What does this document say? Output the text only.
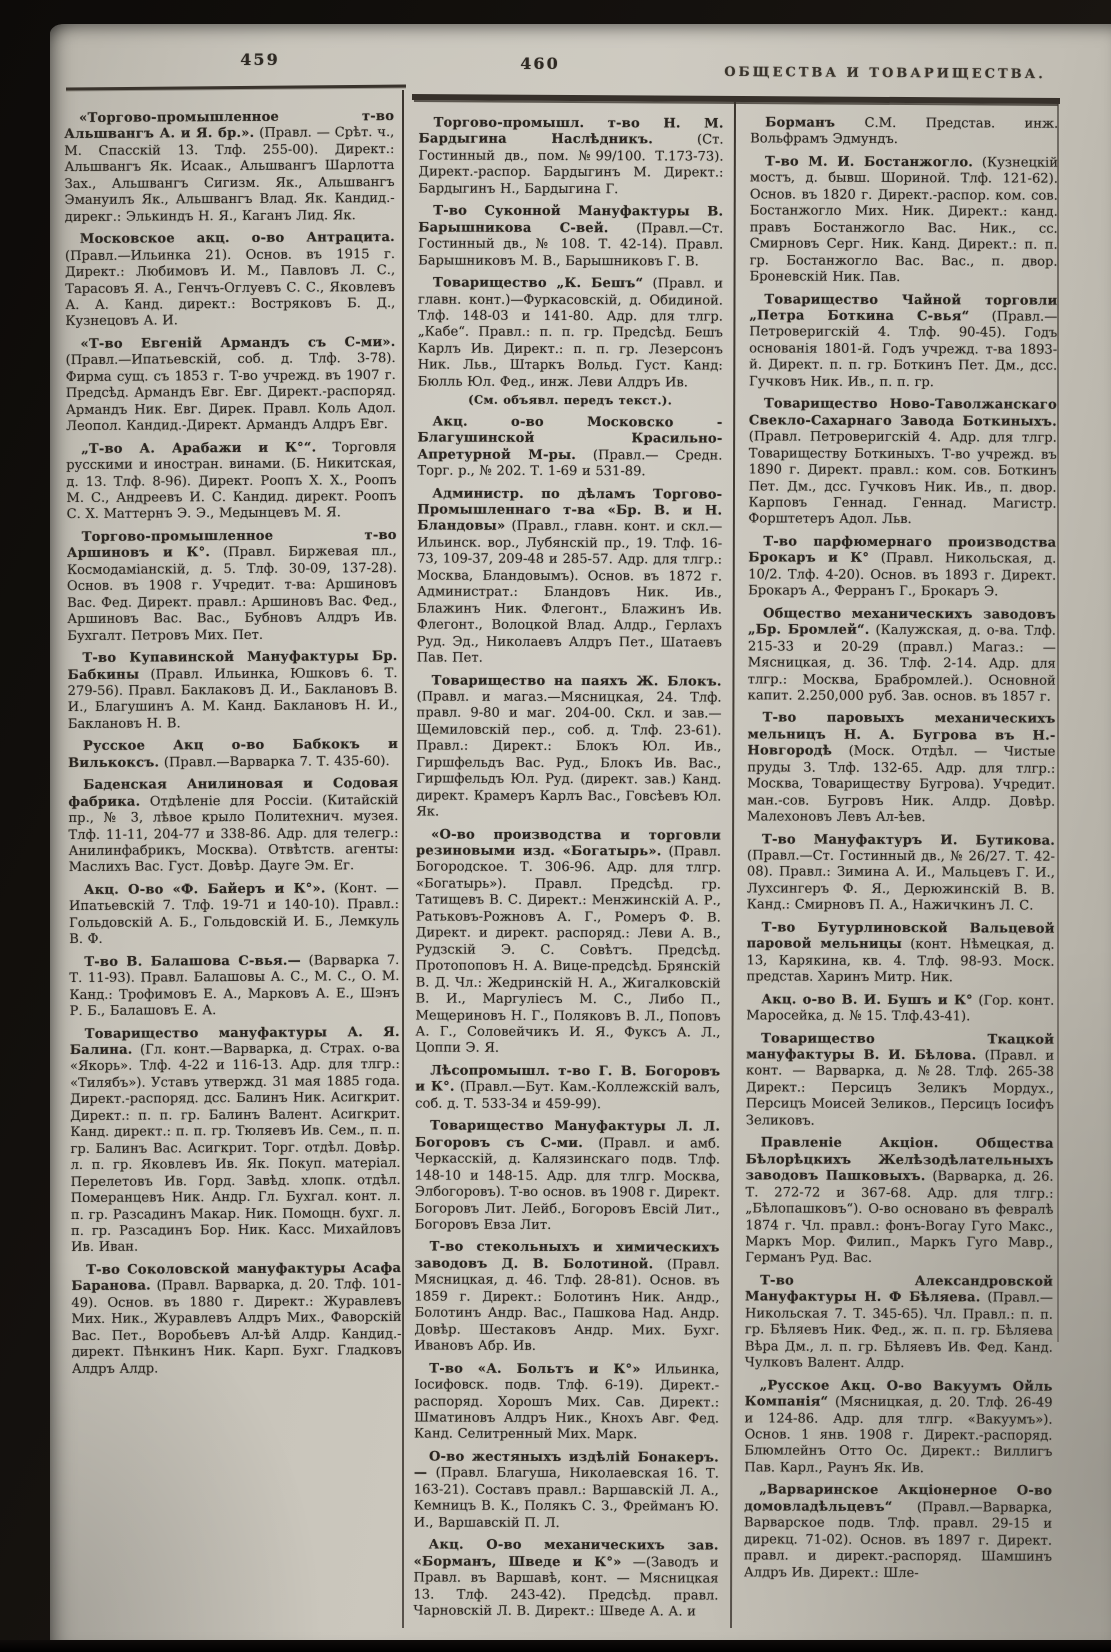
459	460
ОБЩЕСТВА И ТОВАРИЩЕСТВА.

«Торгово-промышленное т-во Альшвангъ А. и Я. бр.». (Правл. — Срѣт. ч., М. Спасскій 13. Тлф. 255-00). Директ.: Альшвангъ Як. Исаак., Альшвангъ Шарлотта Зах., Альшвангъ Сигизм. Як., Альшвангъ Эмануилъ Як., Альшвангъ Влад. Як. Кандид.-дирекг.: Элькиндъ Н. Я., Каганъ Лид. Як.

Московское акц. о-во Антрацита. (Правл.—Ильинка 21). Основ. въ 1915 г. Директ.: Любимовъ И. М., Павловъ Л. С., Тарасовъ Я. А., Генчъ-Оглуевъ С. С., Яковлевъ А. А. Канд. директ.: Востряковъ Б. Д., Кузнецовъ А. И.

«Т-во Евгеній Армандъ съ С-ми». (Правл.—Ипатьевскій, соб. д. Тлф. 3-78). Фирма сущ. съ 1853 г. Т-во учрежд. въ 1907 г. Предсѣд. Армандъ Евг. Евг. Директ.-распоряд. Армандъ Ник. Евг. Дирек. Правл. Коль Адол. Леопол. Кандид.-Директ. Армандъ Алдръ Евг.

„Т-во А. Арабажи и К°“. Торговля русскими и иностран. винами. (Б. Никитская, д. 13. Тлф. 8-96). Директ. Роопъ Х. Х., Роопъ М. С., Андреевъ И. С. Кандид. директ. Роопъ С. Х. Маттернъ Э. Э., Медынцевъ М. Я.

Торгово-промышленное т-во Аршиновъ и К°. (Правл. Биржевая пл., Космодаміанскій, д. 5. Тлф. 30-09, 137-28). Основ. въ 1908 г. Учредит. т-ва: Аршиновъ Вас. Фед. Директ. правл.: Аршиновъ Вас. Фед., Аршиновъ Вас. Вас., Бубновъ Алдръ Ив. Бухгалт. Петровъ Мих. Пет.

Т-во Купавинской Мануфактуры Бр. Бабкины (Правл. Ильинка, Юшковъ 6. Т. 279-56). Правл. Баклаковъ Д. И., Баклановъ В. И., Благушинъ А. М. Канд. Баклановъ Н. И., Баклановъ Н. В.

Русское Акц о-во Бабкокъ и Вилькоксъ. (Правл.—Варварка 7. Т. 435-60).

Баденская Анилиновая и Содовая фабрика. Отдѣленіе для Россіи. (Китайскій пр., № 3, лѣвое крыло Политехнич. музея. Тлф. 11-11, 204-77 и 338-86. Адр. для телегр.: Анилинфабрикъ, Москва). Отвѣтств. агенты: Маслихъ Вас. Густ. Довѣр. Дауге Эм. Ег.

Акц. О-во «Ф. Байеръ и К°». (Конт. —Ипатьевскій 7. Тлф. 19-71 и 140-10). Правл.: Гольдовскій А. Б., Гольдовскій И. Б., Лемкуль В. Ф.

Т-во В. Балашова С-вья.— (Варварка 7. Т. 11-93). Правл. Балашовы А. С., М. С., О. М. Канд.: Трофимовъ Е. А., Марковъ А. Е., Шэнъ Р. Б., Балашовъ Е. А.

Товарищество мануфактуры А. Я. Балина. (Гл. конт.—Варварка, д. Страх. о-ва «Якорь». Тлф. 4-22 и 116-13. Адр. для тлгр.: «Тилябъ»). Уставъ утвержд. 31 мая 1885 года. Директ.-распоряд. дсс. Балинъ Ник. Асигкрит. Директ.: п. п. гр. Балинъ Валент. Асигкрит. Канд. директ.: п. п. гр. Тюляевъ Ив. Сем., п. п. гр. Балинъ Вас. Асигкрит. Торг. отдѣл. Довѣр. л. п. гр. Яковлевъ Ив. Як. Покуп. матеріал. Перелетовъ Ив. Горд. Завѣд. хлопк. отдѣл. Померанцевъ Ник. Андр. Гл. Бухгал. конт. л. п. гр. Разсадинъ Макар. Ник. Помощн. бухг. л. п. гр. Разсадинъ Бор. Ник. Касс. Михайловъ Ив. Иван.

Т-во Соколовской мануфактуры Асафа Баранова. (Правл. Варварка, д. 20. Тлф. 101-49). Основ. въ 1880 г. Директ.: Журавлевъ Мих. Ник., Журавлевъ Алдръ Мих., Фаворскій Вас. Пет., Воробьевъ Ал-ѣй Алдр. Кандид.-директ. Пѣнкинъ Ник. Карп. Бухг. Гладковъ Алдръ Алдр.

Торгово-промышл. т-во Н. М. Бардыгина Наслѣдникъ. (Ст. Гостинный дв., пом. №99/100. Т.173-73). Директ.-распор. Бардыгинъ М. Директ.: Бардыгинъ Н., Бардыгина Г.

Т-во Суконной Мануфактуры В. Барышникова С-вей. (Правл.—Ст. Гостинный дв., № 108. Т. 42-14). Правл. Барышниковъ М. В., Барышниковъ Г. В.

Товарищество „К. Бешъ“ (Правл. и главн. конт.)—Фуркасовскій, д. Обидиной. Тлф. 148-03 и 141-80. Адр. для тлгр. „Кабе“. Правл.: п. п. гр. Предсѣд. Бешъ Карлъ Ив. Директ.: п. п. гр. Лезерсонъ Ник. Льв., Штаркъ Вольд. Густ. Канд: Бюлль Юл. Фед., инж. Леви Алдръ Ив.
(См. объявл. передъ текст.).

Акц. о-во Московско - Благушинской Красильно-Апретурной М-ры. (Правл.— Средн. Торг. р., № 202. Т. 1-69 и 531-89.

Администр. по дѣламъ Торгово-Промышленнаго т-ва «Бр. В. и Н. Бландовы» (Правл., главн. конт. и скл.—Ильинск. вор., Лубянскій пр., 19. Тлф. 16-73, 109-37, 209-48 и 285-57. Адр. для тлгр.: Москва, Бландовымъ). Основ. въ 1872 г. Администрат.: Бландовъ Ник. Ив., Блажинъ Ник. Флегонт., Блажинъ Ив. Флегонт., Волоцкой Влад. Алдр., Герлахъ Руд. Эд., Николаевъ Алдръ Пет., Шатаевъ Пав. Пет.

Товарищество на паяхъ Ж. Блокъ. (Правл. и магаз.—Мясницкая, 24. Тлф. правл. 9-80 и маг. 204-00. Скл. и зав.—Щемиловскій пер., соб. д. Тлф. 23-61). Правл.: Директ.: Блокъ Юл. Ив., Гиршфельдъ Вас. Руд., Блокъ Ив. Вас., Гиршфельдъ Юл. Руд. (директ. зав.) Канд. директ. Крамеръ Карлъ Вас., Говсѣевъ Юл. Як.

«О-во производства и торговли резиновыми изд. «Богатырь». (Правл. Богородское. Т. 306-96. Адр. для тлгр. «Богатырь»). Правл. Предсѣд. гр. Татищевъ В. С. Директ.: Менжинскій А. Р., Ратьковъ-Рожновъ А. Г., Ромеръ Ф. В. Директ. и директ. распоряд.: Леви А. В., Рудзскій Э. С. Совѣтъ. Предсѣд. Протопоповъ Н. А. Вице-предсѣд. Брянскій В. Д. Чл.: Жедринскій Н. А., Жигалковскій В. И., Маргуліесъ М. С., Либо П., Мещериновъ Н. Г., Поляковъ В. Л., Поповъ А. Г., Соловейчикъ И. Я., Фуксъ А. Л., Цоппи Э. Я.

Лѣсопромышл. т-во Г. В. Богоровъ и К°. (Правл.—Бут. Кам.-Коллежскій валъ, соб. д. Т. 533-34 и 459-99).

Товарищество Мануфактуры Л. Л. Богоровъ съ С-ми. (Правл. и амб. Черкасскій, д. Калязинскаго подв. Тлф. 148-10 и 148-15. Адр. для тлгр. Москва, Элбогоровъ). Т-во основ. въ 1908 г. Директ. Богоровъ Лит. Лейб., Богоровъ Евсій Лит., Богоровъ Евза Лит.

Т-во стекольныхъ и химическихъ заводовъ Д. В. Болотиной. (Правл. Мясницкая, д. 46. Тлф. 28-81). Основ. въ 1859 г. Директ.: Болотинъ Ник. Андр., Болотинъ Андр. Вас., Пашкова Над. Андр. Довѣр. Шестаковъ Андр. Мих. Бухг. Ивановъ Абр. Ив.

Т-во «А. Больтъ и К°» Ильинка, Іосифовск. подв. Тлф. 6-19). Директ.-распоряд. Хорошъ Мих. Сав. Директ.: Шматиновъ Алдръ Ник., Кнохъ Авг. Фед. Канд. Селитренный Мих. Марк.

О-во жестяныхъ издѣлій Бонакеръ.— (Правл. Благуша, Николаевская 16. Т. 163-21). Составъ правл.: Варшавскій Л. А., Кемницъ В. К., Полякъ С. З., Фрейманъ Ю. И., Варшавскій П. Л.

Акц. О-во механическихъ зав. «Борманъ, Шведе и К°» —(Заводъ и Правл. въ Варшавѣ, конт. — Мясницкая 13. Тлф. 243-42). Предсѣд. правл. Чарновскій Л. В. Директ.: Шведе А. А. и

Борманъ С.М. Представ. инж. Вольфрамъ Эдмундъ.

Т-во М. И. Бостанжогло. (Кузнецкій мостъ, д. бывш. Шориной. Тлф. 121-62). Основ. въ 1820 г. Директ.-распор. ком. сов. Бостанжогло Мих. Ник. Директ.: канд. правъ Бостанжогло Вас. Ник., сс. Смирновъ Серг. Ник. Канд. Директ.: п. п. гр. Бостанжогло Вас. Вас., п. двор. Броневскій Ник. Пав.

Товарищество Чайной торговли „Петра Боткина С-вья“ (Правл.— Петроверигскій 4. Тлф. 90-45). Годъ основанія 1801-й. Годъ учрежд. т-ва 1893-й. Директ. п. п. гр. Боткинъ Пет. Дм., дсс. Гучковъ Ник. Ив., п. п. гр.

Товарищество Ново-Таволжанскаго Свекло-Сахарнаго Завода Боткиныхъ. (Правл. Петроверигскій 4. Адр. для тлгр. Товариществу Боткиныхъ. Т-во учрежд. въ 1890 г. Директ. правл.: ком. сов. Боткинъ Пет. Дм., дсс. Гучковъ Ник. Ив., п. двор. Карповъ Геннад. Геннад. Магистр. Форштетеръ Адол. Льв.

Т-во парфюмернаго производства Брокаръ и К° (Правл. Никольская, д. 10/2. Тлф. 4-20). Основ. въ 1893 г. Директ. Брокаръ А., Ферранъ Г., Брокаръ Э.

Общество механическихъ заводовъ „Бр. Бромлей“. (Калужская, д. о-ва. Тлф. 215-33 и 20-29 (правл.) Магаз.: —Мясницкая, д. 36. Тлф. 2-14. Адр. для тлгр.: Москва, Брабромлей.). Основной капит. 2.250,000 руб. Зав. основ. въ 1857 г.

Т-во паровыхъ механическихъ мельницъ Н. А. Бугрова въ Н.-Новгородѣ (Моск. Отдѣл. — Чистые пруды 3. Тлф. 132-65. Адр. для тлгр.: Москва, Товариществу Бугрова). Учредит. ман.-сов. Бугровъ Ник. Алдр. Довѣр. Малехоновъ Левъ Ал-ѣев.

Т-во Мануфактуръ И. Бутикова. (Правл.—Ст. Гостинный дв., № 26/27. Т. 42-08). Правл.: Зимина А. И., Мальцевъ Г. И., Лухсингеръ Ф. Я., Дерюжинскій В. В. Канд.: Смирновъ П. А., Нажичкинъ Л. С.

Т-во Бутурлиновской Вальцевой паровой мельницы (конт. Нѣмецкая, д. 13, Карякина, кв. 4. Тлф. 98-93. Моск. представ. Харинъ Митр. Ник.

Акц. о-во В. И. Бушъ и К° (Гор. конт. Маросейка, д. № 15. Тлф.43-41).

Товарищество Ткацкой мануфактуры В. И. Бѣлова. (Правл. и конт. — Варварка, д. №28. Тлф. 265-38 Директ.: Персицъ Зеликъ Мордух., Персицъ Моисей Зеликов., Персицъ Іосифъ Зеликовъ.

Правленіе Акціон. Общества Бѣлорѣцкихъ Желѣзодѣлательныхъ заводовъ Пашковыхъ. (Варварка, д. 26. Т. 272-72 и 367-68. Адр. для тлгр.: „Бѣлопашковъ“). О-во основано въ февралѣ 1874 г. Чл. правл.: фонъ-Вогау Гуго Макс., Маркъ Мор. Филип., Маркъ Гуго Мавр., Германъ Руд. Вас.

Т-во Александровской Мануфактуры Н. Ф Бѣляева. (Правл.—Никольская 7. Т. 345-65). Чл. Правл.: п. п. гр. Бѣляевъ Ник. Фед., ж. п. п. гр. Бѣляева Вѣра Дм., л. п. гр. Бѣляевъ Ив. Фед. Канд. Чулковъ Валент. Алдр.

„Русское Акц. О-во Вакуумъ Ойль Компанія“ (Мясницкая, д. 20. Тлф. 26-49 и 124-86. Адр. для тлгр. «Вакуумъ»). Основ. 1 янв. 1908 г. Директ.-распоряд. Блюмлейнъ Отто Ос. Директ.: Виллигъ Пав. Карл., Раунъ Як. Ив.

„Варваринское Акціонерное О-во домовладѣльцевъ“ (Правл.—Варварка, Варварское подв. Тлф. правл. 29-15 и дирекц. 71-02). Основ. въ 1897 г. Директ. правл. и директ.-распоряд. Шамшинъ Алдръ Ив. Директ.: Шле-
